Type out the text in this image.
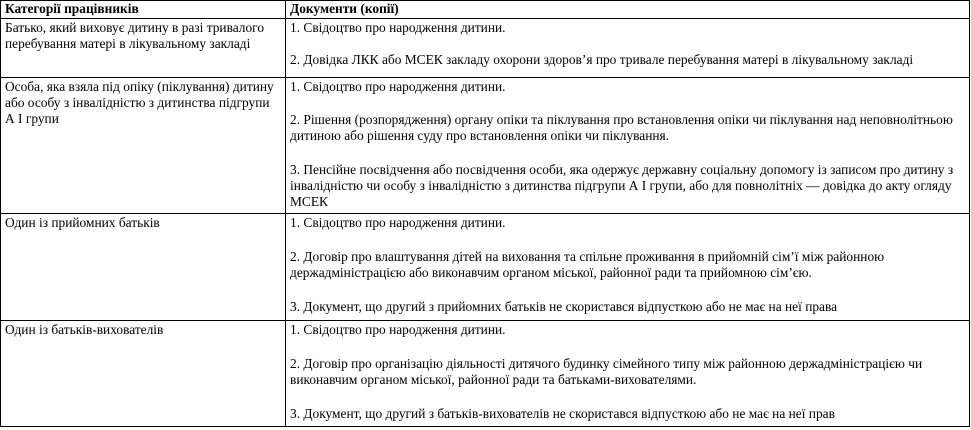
Категорії працівників	Документи (копії)
Батько, який виховує дитину в разі тривалого перебування матері в лікувальному закладі	1. Свідоцтво про народження дитини.
2. Довідка ЛКК або МСЕК закладу охорони здоров’я про тривале перебування матері в лікувальному закладі

Особа, яка взяла під опіку (піклування) дитину або особу з інвалідністю з дитинства підгрупи А І групи	1. Свідоцтво про народження дитини.
2. Рішення (розпорядження) органу опіки та піклування про встановлення опіки чи піклування над неповнолітньою дитиною або рішення суду про встановлення опіки чи піклування.
3. Пенсійне посвідчення або посвідчення особи, яка одержує державну соціальну допомогу із записом про дитину з інвалідністю чи особу з інвалідністю з дитинства підгрупи А І групи, або для повнолітніх — довідка до акту огляду МСЕК

Один із прийомних батьків	1. Свідоцтво про народження дитини.
2. Договір про влаштування дітей на виховання та спільне проживання в прийомній сім’ї між районною держадміністрацією або виконавчим органом міської, районної ради та прийомною сім’єю.
3. Документ, що другий з прийомних батьків не скористався відпусткою або не має на неї права

Один із батьків-вихователів	1. Свідоцтво про народження дитини.
2. Договір про організацію діяльності дитячого будинку сімейного типу між районною держадміністрацією чи виконавчим органом міської, районної ради та батьками-вихователями.
3. Документ, що другий з батьків-вихователів не скористався відпусткою або не має на неї прав
